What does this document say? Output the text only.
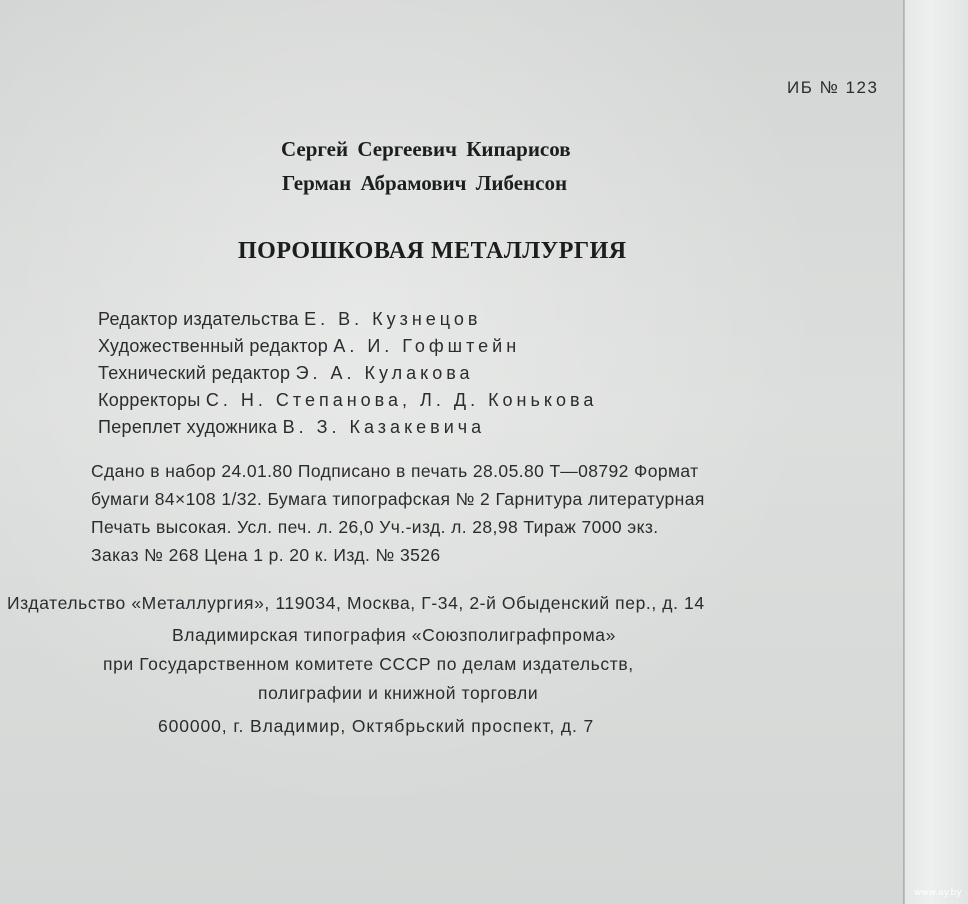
ИБ № 123
Сергей Сергеевич Кипарисов
Герман Абрамович Либенсон
ПОРОШКОВАЯ МЕТАЛЛУРГИЯ
Редактор издательства Е. В. Кузнецов
Художественный редактор А. И. Гофштейн
Технический редактор Э. А. Кулакова
Корректоры С. Н. Степанова, Л. Д. Конькова
Переплет художника В. З. Казакевича
Сдано в набор 24.01.80 Подписано в печать 28.05.80 Т—08792 Формат
бумаги 84×108 1/32. Бумага типографская № 2 Гарнитура литературная
Печать высокая. Усл. печ. л. 26,0 Уч.-изд. л. 28,98 Тираж 7000 экз.
Заказ № 268 Цена 1 р. 20 к. Изд. № 3526
Издательство «Металлургия», 119034, Москва, Г-34, 2-й Обыденский пер., д. 14
Владимирская типография «Союзполиграфпрома»
при Государственном комитете СССР по делам издательств,
полиграфии и книжной торговли
600000, г. Владимир, Октябрьский проспект, д. 7
www.ay.by
